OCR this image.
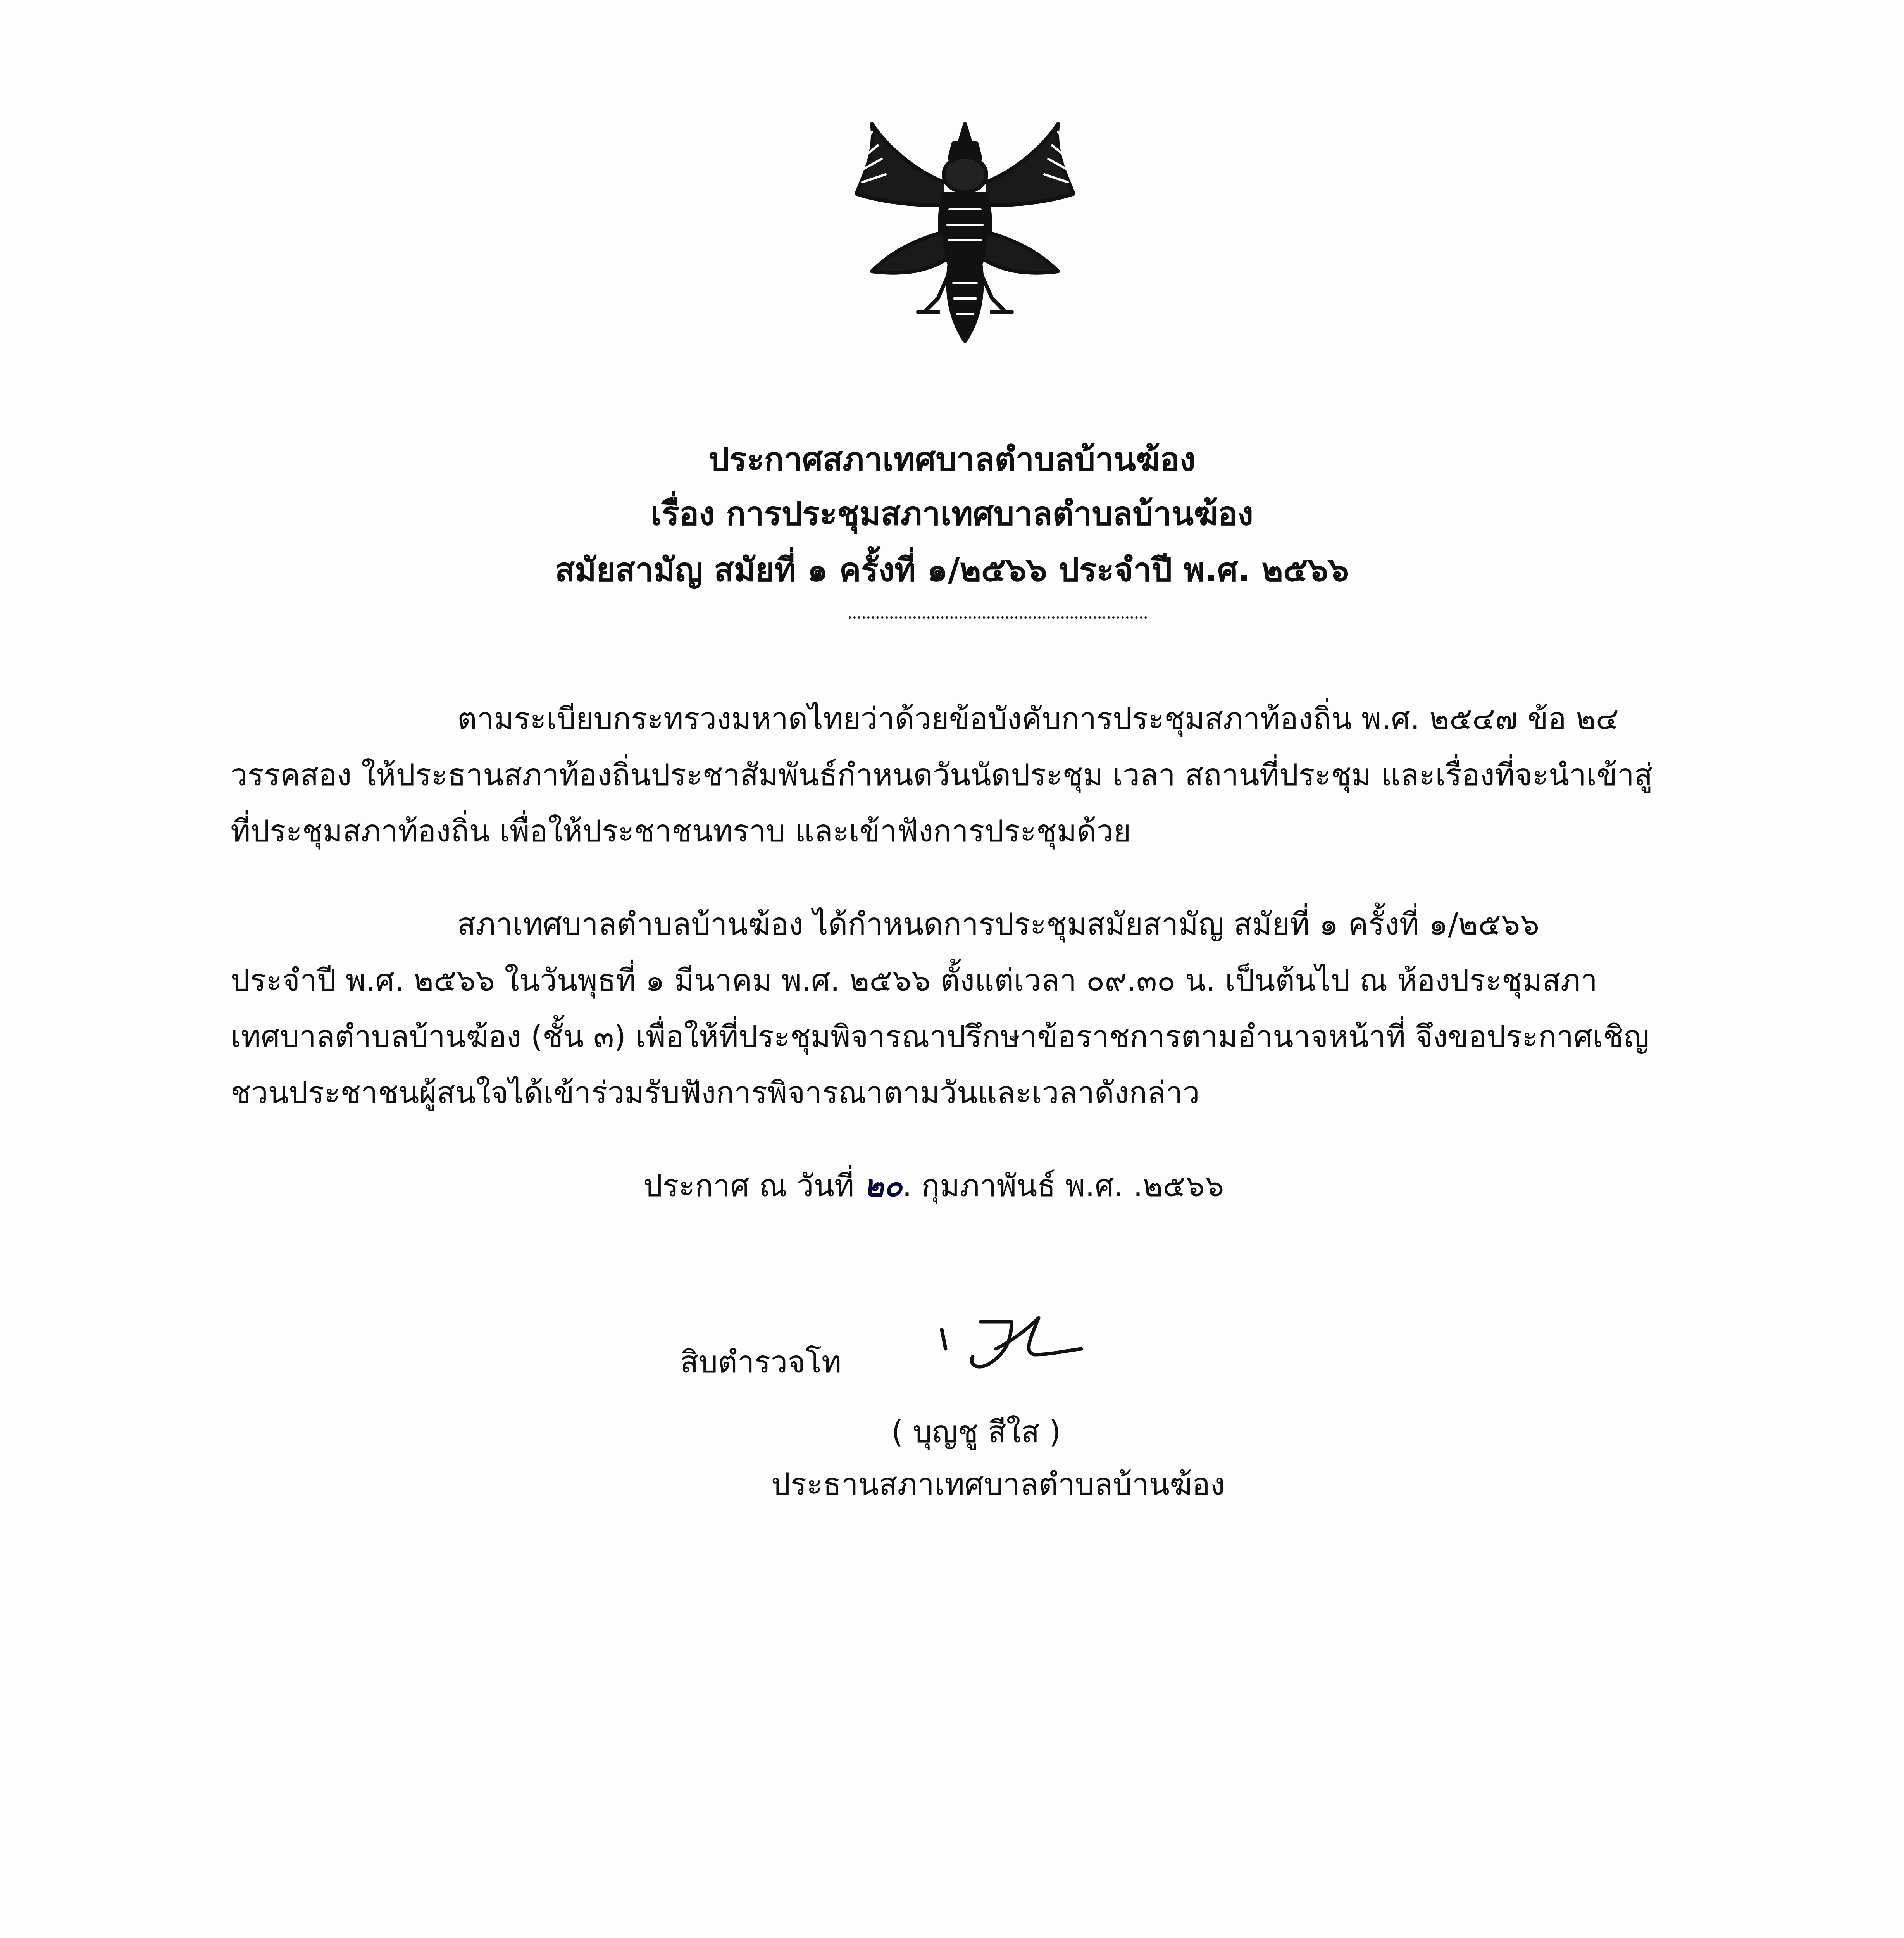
ประกาศสภาเทศบาลตำบลบ้านฆ้อง
เรื่อง การประชุมสภาเทศบาลตำบลบ้านฆ้อง
สมัยสามัญ สมัยที่ ๑ ครั้งที่ ๑/๒๕๖๖ ประจำปี พ.ศ. ๒๕๖๖
ตามระเบียบกระทรวงมหาดไทยว่าด้วยข้อบังคับการประชุมสภาท้องถิ่น พ.ศ. ๒๕๔๗ ข้อ ๒๔
วรรคสอง ให้ประธานสภาท้องถิ่นประชาสัมพันธ์กำหนดวันนัดประชุม เวลา สถานที่ประชุม และเรื่องที่จะนำเข้าสู่
ที่ประชุมสภาท้องถิ่น เพื่อให้ประชาชนทราบ และเข้าฟังการประชุมด้วย
สภาเทศบาลตำบลบ้านฆ้อง ได้กำหนดการประชุมสมัยสามัญ สมัยที่ ๑ ครั้งที่ ๑/๒๕๖๖
ประจำปี พ.ศ. ๒๕๖๖ ในวันพุธที่ ๑ มีนาคม พ.ศ. ๒๕๖๖ ตั้งแต่เวลา ๐๙.๓๐ น. เป็นต้นไป ณ ห้องประชุมสภา
เทศบาลตำบลบ้านฆ้อง (ชั้น ๓) เพื่อให้ที่ประชุมพิจารณาปรึกษาข้อราชการตามอำนาจหน้าที่ จึงขอประกาศเชิญ
ชวนประชาชนผู้สนใจได้เข้าร่วมรับฟังการพิจารณาตามวันและเวลาดังกล่าว
ประกาศ ณ วันที่ ๒๐. กุมภาพันธ์ พ.ศ. .๒๕๖๖
สิบตำรวจโท
( บุญชู สีใส )
ประธานสภาเทศบาลตำบลบ้านฆ้อง
